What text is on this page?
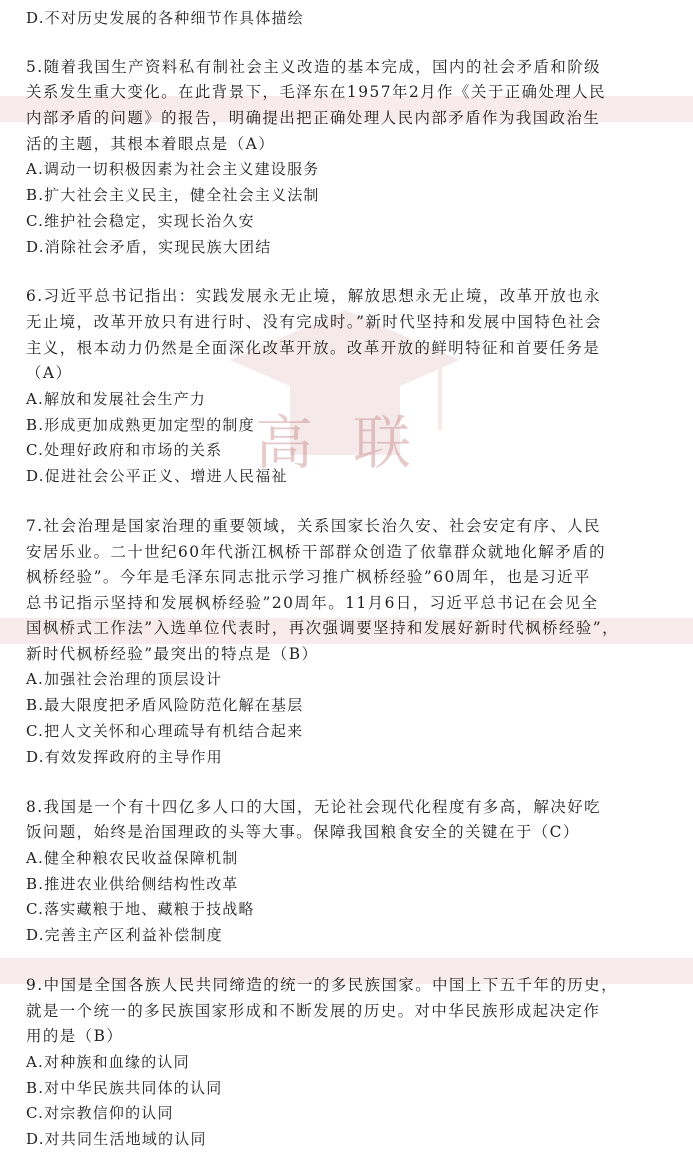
高联
D.不对历史发展的各种细节作具体描绘
5.随着我国生产资料私有制社会主义改造的基本完成，国内的社会矛盾和阶级
关系发生重大变化。在此背景下，毛泽东在1957年2月作《关于正确处理人民
内部矛盾的问题》的报告，明确提出把正确处理人民内部矛盾作为我国政治生
活的主题，其根本着眼点是（A）
A.调动一切积极因素为社会主义建设服务
B.扩大社会主义民主，健全社会主义法制
C.维护社会稳定，实现长治久安
D.消除社会矛盾，实现民族大团结
6.习近平总书记指出：实践发展永无止境，解放思想永无止境，改革开放也永
无止境，改革开放只有进行时、没有完成时。”新时代坚持和发展中国特色社会
主义，根本动力仍然是全面深化改革开放。改革开放的鲜明特征和首要任务是
（A）
A.解放和发展社会生产力
B.形成更加成熟更加定型的制度
C.处理好政府和市场的关系
D.促进社会公平正义、增进人民福祉
7.社会治理是国家治理的重要领域，关系国家长治久安、社会安定有序、人民
安居乐业。二十世纪60年代浙江枫桥干部群众创造了依靠群众就地化解矛盾的
枫桥经验”。今年是毛泽东同志批示学习推广枫桥经验”60周年，也是习近平
总书记指示坚持和发展枫桥经验”20周年。11月6日，习近平总书记在会见全
国枫桥式工作法”入选单位代表时，再次强调要坚持和发展好新时代枫桥经验”，
新时代枫桥经验”最突出的特点是（B）
A.加强社会治理的顶层设计
B.最大限度把矛盾风险防范化解在基层
C.把人文关怀和心理疏导有机结合起来
D.有效发挥政府的主导作用
8.我国是一个有十四亿多人口的大国，无论社会现代化程度有多高，解决好吃
饭问题，始终是治国理政的头等大事。保障我国粮食安全的关键在于（C）
A.健全种粮农民收益保障机制
B.推进农业供给侧结构性改革
C.落实藏粮于地、藏粮于技战略
D.完善主产区利益补偿制度
9.中国是全国各族人民共同缔造的统一的多民族国家。中国上下五千年的历史，
就是一个统一的多民族国家形成和不断发展的历史。对中华民族形成起决定作
用的是（B）
A.对种族和血缘的认同
B.对中华民族共同体的认同
C.对宗教信仰的认同
D.对共同生活地域的认同
